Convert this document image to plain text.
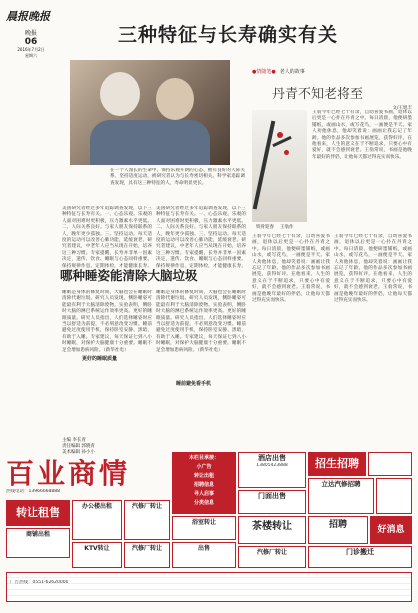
晨报晚报
晚报
06
2016年7月2日
星期六
三种特征与长寿确实有关
在一个人漫长的生命中，保持乐观开朗的心态、拥有良好的人际关系、坚持适度运动，被研究者认为与长寿密切相关。科学家追踪调查发现，具有这三种特征的人，寿命明显更长。
美国研究者经过多年追踪调查发现，以下三种特征与长寿有关。一、心态乐观。乐观的人面对困难时更积极，压力激素水平更低。二、人际关系良好。与家人朋友保持联系的人，晚年更少孤独。三、坚持运动。每天适度的运动可以改善心肺功能，延缓衰老。研究者建议，中老年人应当从现在开始，培养这三种习惯。专家提醒，长寿并非单一因素决定，遗传、饮食、睡眠与心态同样重要。保持规律作息，定期体检，才能健康长寿。
美国研究者经过多年追踪调查发现，以下三种特征与长寿有关。一、心态乐观。乐观的人面对困难时更积极，压力激素水平更低。二、人际关系良好。与家人朋友保持联系的人，晚年更少孤独。三、坚持运动。每天适度的运动可以改善心肺功能，延缓衰老。研究者建议，中老年人应当从现在开始，培养这三种习惯。专家提醒，长寿并非单一因素决定，遗传、饮食、睡眠与心态同样重要。保持规律作息，定期体检，才能健康长寿。
哪种睡姿能清除大脑垃圾
睡眠是身体的修复时间，大脑也会在睡眠时清除代谢垃圾。研究人员发现，侧卧睡姿可能最有利于大脑清除废物。实验表明，侧卧时大脑的淋巴系统运作效率更高。更好的睡眠质量。研究人员指出，人们选择睡姿时应当以舒适为前提，不必刻意改变习惯。睡前避免过度使用手机，保持卧室安静、黑暗，有助于入睡。专家建议，每天保证七到八小时睡眠，对保护大脑健康十分重要。睡眠不足会增加患病风险。（新华社电）
睡眠是身体的修复时间，大脑也会在睡眠时清除代谢垃圾。研究人员发现，侧卧睡姿可能最有利于大脑清除废物。实验表明，侧卧时大脑的淋巴系统运作效率更高。更好的睡眠质量。研究人员指出，人们选择睡姿时应当以舒适为前提，不必刻意改变习惯。睡前避免过度使用手机，保持卧室安静、黑暗，有助于入睡。专家建议，每天保证七到八小时睡眠，对保护大脑健康十分重要。睡眠不足会增加患病风险。（新华社电）
更好的睡眠质量
睡前避免看手机
主编 李长青
责任编辑 郭晓青
美术编辑 孙小小
●情随笔● 老人的故事
丹青不知老将至
文/王旭丰
铁骨迎春 王翁作
王翁今年已经七十有余，自幼喜爱书画，退休以后更是一心扑在丹青之中。每日清晨，他便研墨铺纸，或画山水，或写花鸟，一画便是半天。家人劝他休息，他却笑着说：画画让我忘记了年龄。他的作品多次参加书画展览，获得好评。在他看来，人生的意义在于不断追求，只要心中有爱好，就不会感到衰老。王翁常说，书画是他晚年最好的伴侣，让他每天都过得充实而快乐。
王翁今年已经七十有余，自幼喜爱书画，退休以后更是一心扑在丹青之中。每日清晨，他便研墨铺纸，或画山水，或写花鸟，一画便是半天。家人劝他休息，他却笑着说：画画让我忘记了年龄。他的作品多次参加书画展览，获得好评。在他看来，人生的意义在于不断追求，只要心中有爱好，就不会感到衰老。王翁常说，书画是他晚年最好的伴侣，让他每天都过得充实而快乐。
王翁今年已经七十有余，自幼喜爱书画，退休以后更是一心扑在丹青之中。每日清晨，他便研墨铺纸，或画山水，或写花鸟，一画便是半天。家人劝他休息，他却笑着说：画画让我忘记了年龄。他的作品多次参加书画展览，获得好评。在他看来，人生的意义在于不断追求，只要心中有爱好，就不会感到衰老。王翁常说，书画是他晚年最好的伴侣，让他每天都过得充实而快乐。
百业商情
热线电话：13966668888
本栏目承接：
小广告
转让出租
招聘信息
寻人启事
分类信息
酒店出售
13805423888	招生招聘
门面出售
立达汽修招聘
转让租售	办公楼出租	汽修厂转让
浴室转让	茶楼转让	招聘	好消息
商铺出租
KTV转让	汽修厂转让	出售
汽修厂转让	门诊搬迁
广告热线：0551-62620000
